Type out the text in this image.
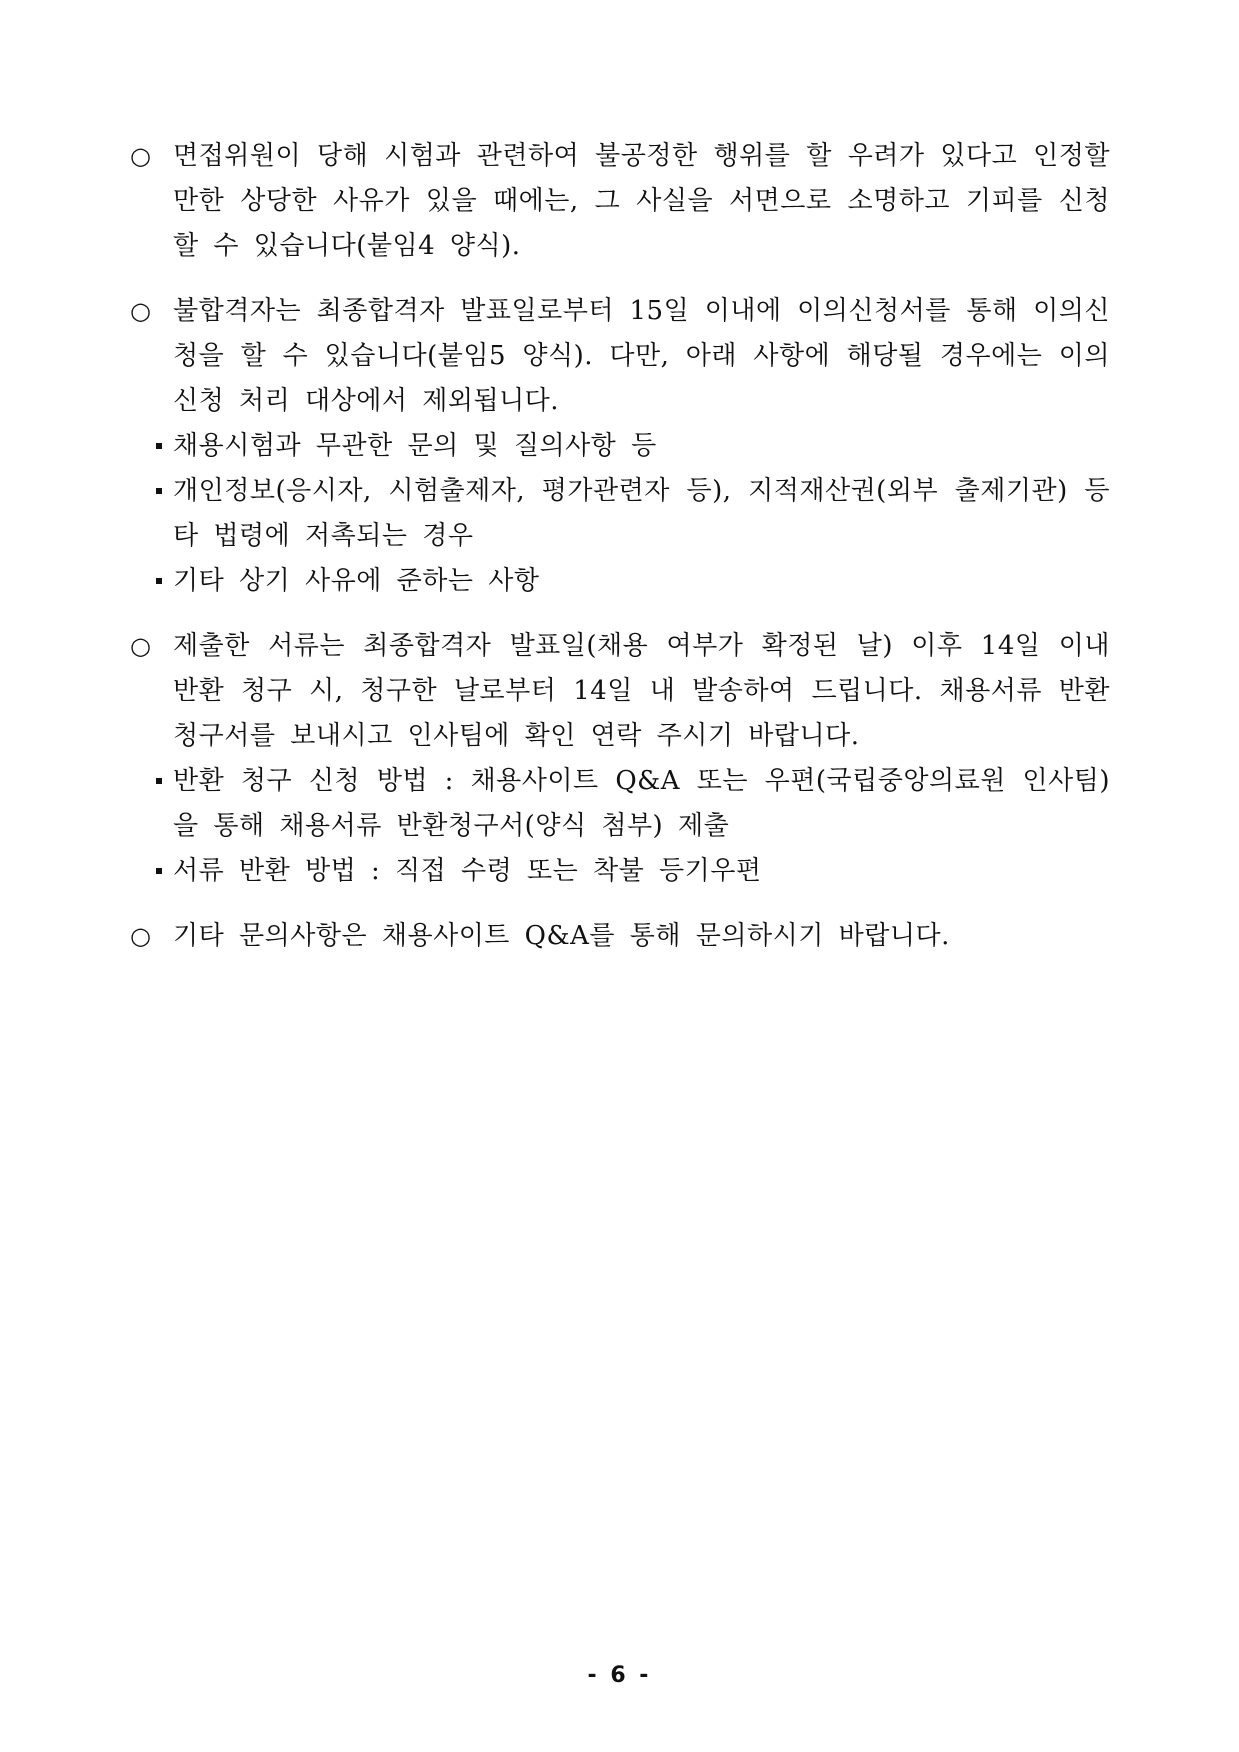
○ 면접위원이 당해 시험과 관련하여 불공정한 행위를 할 우려가 있다고 인정할 만한 상당한 사유가 있을 때에는, 그 사실을 서면으로 소명하고 기피를 신청할 수 있습니다(붙임4 양식).
○ 불합격자는 최종합격자 발표일로부터 15일 이내에 이의신청서를 통해 이의신청을 할 수 있습니다(붙임5 양식). 다만, 아래 사항에 해당될 경우에는 이의신청 처리 대상에서 제외됩니다.
채용시험과 무관한 문의 및 질의사항 등
개인정보(응시자, 시험출제자, 평가관련자 등), 지적재산권(외부 출제기관) 등 타 법령에 저촉되는 경우
기타 상기 사유에 준하는 사항
○ 제출한 서류는 최종합격자 발표일(채용 여부가 확정된 날) 이후 14일 이내 반환 청구 시, 청구한 날로부터 14일 내 발송하여 드립니다. 채용서류 반환청구서를 보내시고 인사팀에 확인 연락 주시기 바랍니다.
반환 청구 신청 방법 : 채용사이트 Q&A 또는 우편(국립중앙의료원 인사팀)을 통해 채용서류 반환청구서(양식 첨부) 제출
서류 반환 방법 : 직접 수령 또는 착불 등기우편
○ 기타 문의사항은 채용사이트 Q&A를 통해 문의하시기 바랍니다.
- 6 -
